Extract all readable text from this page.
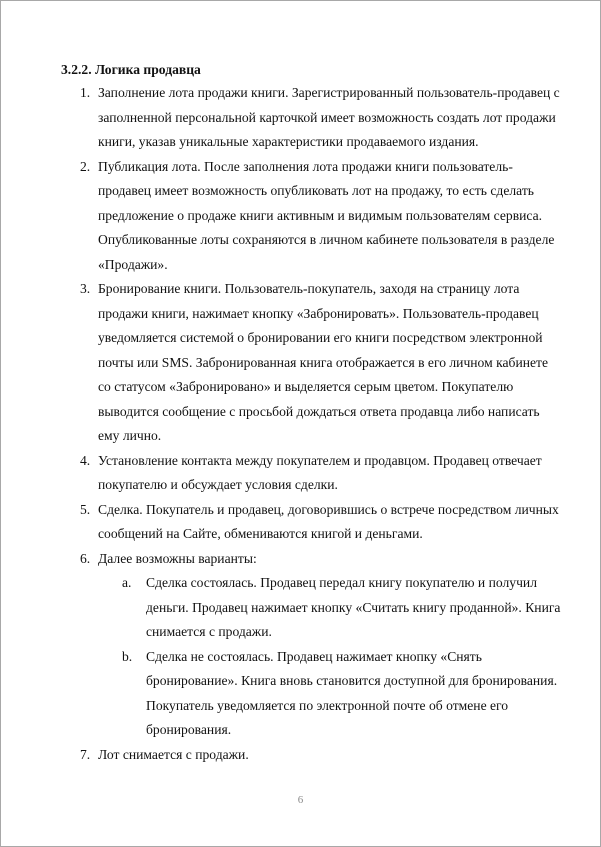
3.2.2. Логика продавца
1. Заполнение лота продажи книги. Зарегистрированный пользователь-продавец с заполненной персональной карточкой имеет возможность создать лот продажи книги, указав уникальные характеристики продаваемого издания.
2. Публикация лота. После заполнения лота продажи книги пользователь-продавец имеет возможность опубликовать лот на продажу, то есть сделать предложение о продаже книги активным и видимым пользователям сервиса. Опубликованные лоты сохраняются в личном кабинете пользователя в разделе «Продажи».
3. Бронирование книги. Пользователь-покупатель, заходя на страницу лота продажи книги, нажимает кнопку «Забронировать». Пользователь-продавец уведомляется системой о бронировании его книги посредством электронной почты или SMS. Забронированная книга отображается в его личном кабинете со статусом «Забронировано» и выделяется серым цветом. Покупателю выводится сообщение с просьбой дождаться ответа продавца либо написать ему лично.
4. Установление контакта между покупателем и продавцом. Продавец отвечает покупателю и обсуждает условия сделки.
5. Сделка. Покупатель и продавец, договорившись о встрече посредством личных сообщений на Сайте, обмениваются книгой и деньгами.
6. Далее возможны варианты:
a. Сделка состоялась. Продавец передал книгу покупателю и получил деньги. Продавец нажимает кнопку «Считать книгу проданной». Книга снимается с продажи.
b. Сделка не состоялась. Продавец нажимает кнопку «Снять бронирование». Книга вновь становится доступной для бронирования. Покупатель уведомляется по электронной почте об отмене его бронирования.
7. Лот снимается с продажи.
6
